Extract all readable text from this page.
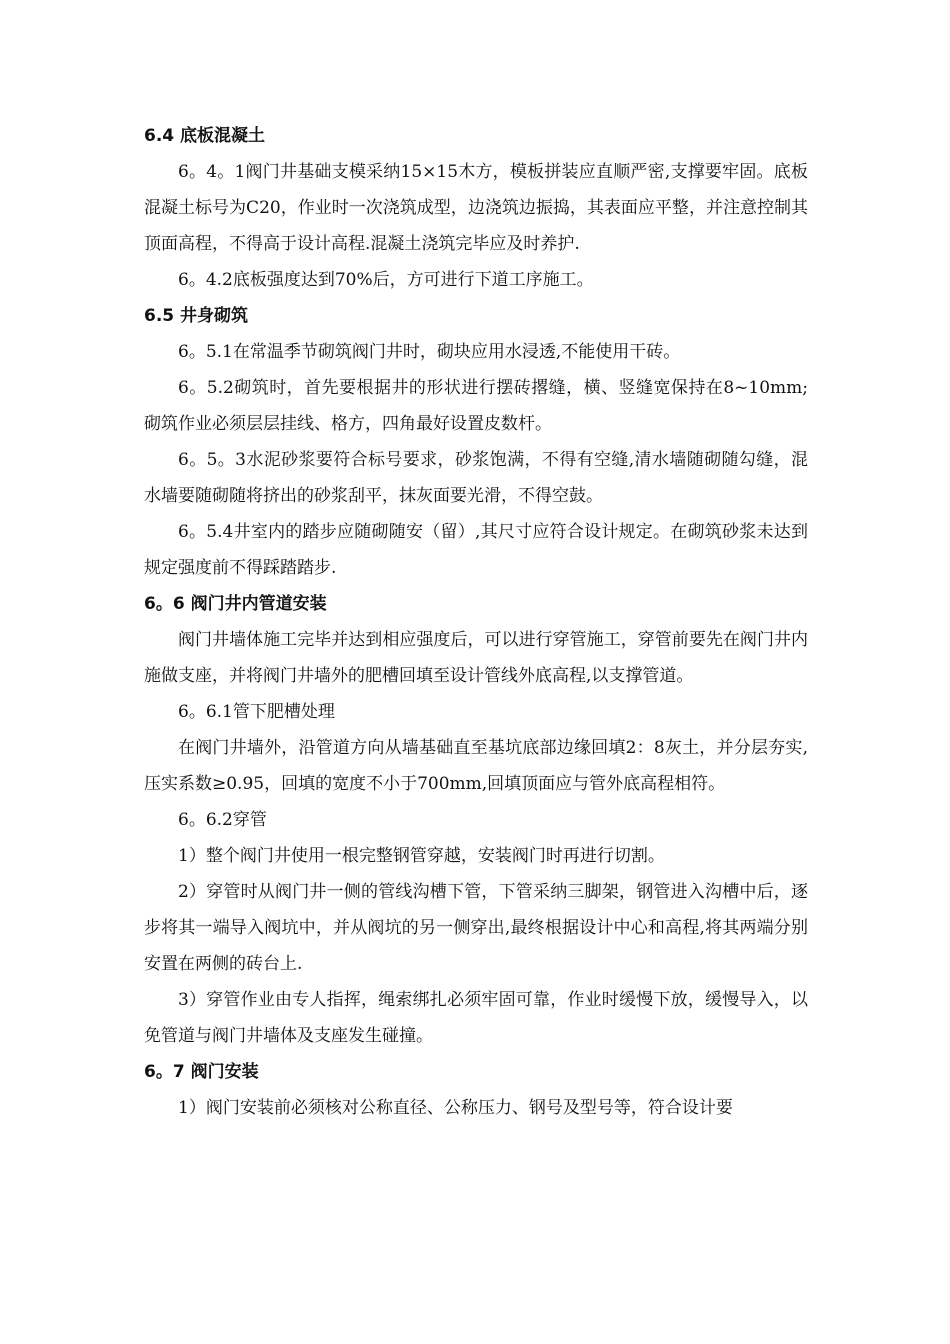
6.4 底板混凝土

6。4。1阀门井基础支模采纳15×15木方，模板拼装应直顺严密,支撑要牢固。底板混凝土标号为C20，作业时一次浇筑成型，边浇筑边振捣，其表面应平整，并注意控制其顶面高程，不得高于设计高程.混凝土浇筑完毕应及时养护.

6。4.2底板强度达到70%后，方可进行下道工序施工。

6.5 井身砌筑

6。5.1在常温季节砌筑阀门井时，砌块应用水浸透,不能使用干砖。

6。5.2砌筑时，首先要根据井的形状进行摆砖撂缝，横、竖缝宽保持在8~10mm;砌筑作业必须层层挂线、格方，四角最好设置皮数杆。

6。5。3水泥砂浆要符合标号要求，砂浆饱满，不得有空缝,清水墙随砌随勾缝，混水墙要随砌随将挤出的砂浆刮平，抹灰面要光滑，不得空鼓。

6。5.4井室内的踏步应随砌随安（留）,其尺寸应符合设计规定。在砌筑砂浆未达到规定强度前不得踩踏踏步.

6。6 阀门井内管道安装

阀门井墙体施工完毕并达到相应强度后，可以进行穿管施工，穿管前要先在阀门井内施做支座，并将阀门井墙外的肥槽回填至设计管线外底高程,以支撑管道。

6。6.1管下肥槽处理

在阀门井墙外，沿管道方向从墙基础直至基坑底部边缘回填2：8灰土，并分层夯实,压实系数≥0.95，回填的宽度不小于700mm,回填顶面应与管外底高程相符。

6。6.2穿管

1）整个阀门井使用一根完整钢管穿越，安装阀门时再进行切割。

2）穿管时从阀门井一侧的管线沟槽下管，下管采纳三脚架，钢管进入沟槽中后，逐步将其一端导入阀坑中，并从阀坑的另一侧穿出,最终根据设计中心和高程,将其两端分别安置在两侧的砖台上.

3）穿管作业由专人指挥，绳索绑扎必须牢固可靠，作业时缓慢下放，缓慢导入，以免管道与阀门井墙体及支座发生碰撞。

6。7 阀门安装

1）阀门安装前必须核对公称直径、公称压力、钢号及型号等，符合设计要
